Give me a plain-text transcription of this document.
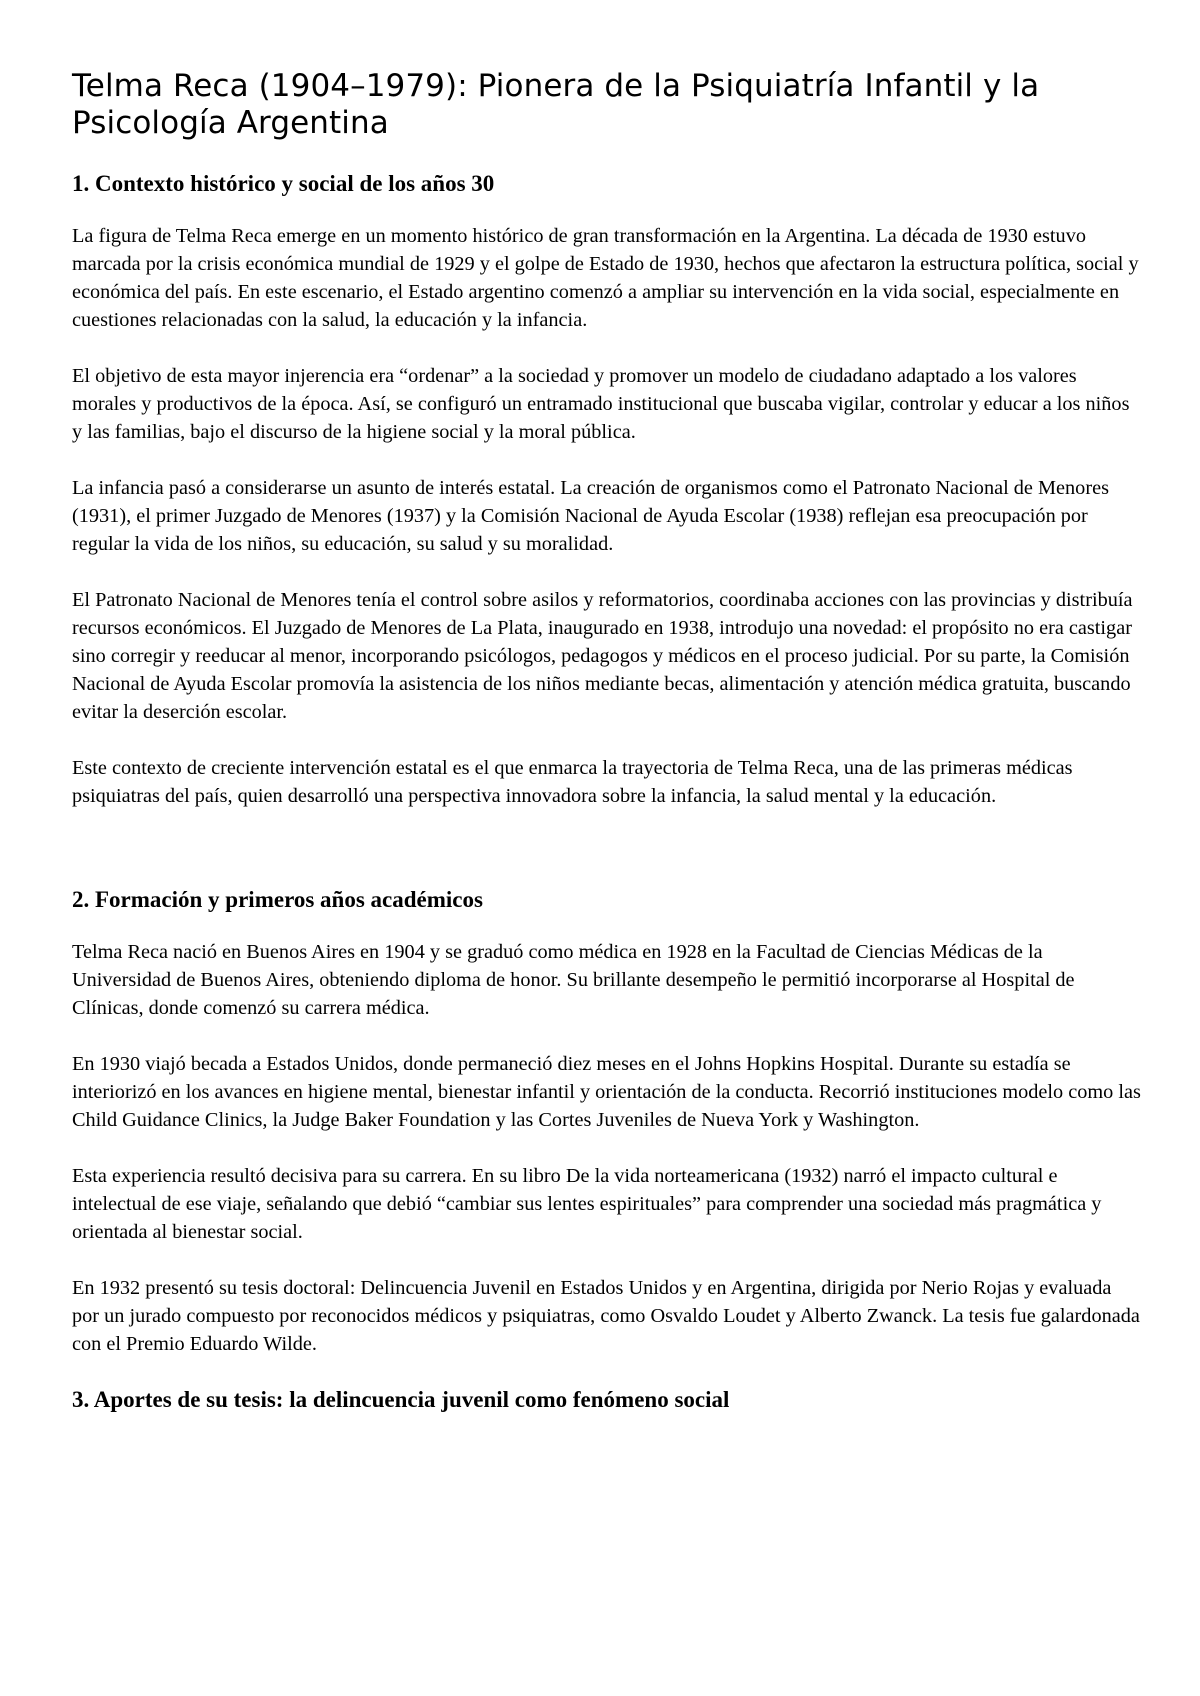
Telma Reca (1904–1979): Pionera de la Psiquiatría Infantil y la Psicología Argentina
1. Contexto histórico y social de los años 30

La figura de Telma Reca emerge en un momento histórico de gran transformación en la Argentina. La década de 1930 estuvo marcada por la crisis económica mundial de 1929 y el golpe de Estado de 1930, hechos que afectaron la estructura política, social y económica del país. En este escenario, el Estado argentino comenzó a ampliar su intervención en la vida social, especialmente en cuestiones relacionadas con la salud, la educación y la infancia.

El objetivo de esta mayor injerencia era “ordenar” a la sociedad y promover un modelo de ciudadano adaptado a los valores morales y productivos de la época. Así, se configuró un entramado institucional que buscaba vigilar, controlar y educar a los niños y las familias, bajo el discurso de la higiene social y la moral pública.

La infancia pasó a considerarse un asunto de interés estatal. La creación de organismos como el Patronato Nacional de Menores (1931), el primer Juzgado de Menores (1937) y la Comisión Nacional de Ayuda Escolar (1938) reflejan esa preocupación por regular la vida de los niños, su educación, su salud y su moralidad.

El Patronato Nacional de Menores tenía el control sobre asilos y reformatorios, coordinaba acciones con las provincias y distribuía recursos económicos. El Juzgado de Menores de La Plata, inaugurado en 1938, introdujo una novedad: el propósito no era castigar sino corregir y reeducar al menor, incorporando psicólogos, pedagogos y médicos en el proceso judicial. Por su parte, la Comisión Nacional de Ayuda Escolar promovía la asistencia de los niños mediante becas, alimentación y atención médica gratuita, buscando evitar la deserción escolar.

Este contexto de creciente intervención estatal es el que enmarca la trayectoria de Telma Reca, una de las primeras médicas psiquiatras del país, quien desarrolló una perspectiva innovadora sobre la infancia, la salud mental y la educación.

2. Formación y primeros años académicos

Telma Reca nació en Buenos Aires en 1904 y se graduó como médica en 1928 en la Facultad de Ciencias Médicas de la Universidad de Buenos Aires, obteniendo diploma de honor. Su brillante desempeño le permitió incorporarse al Hospital de Clínicas, donde comenzó su carrera médica.

En 1930 viajó becada a Estados Unidos, donde permaneció diez meses en el Johns Hopkins Hospital. Durante su estadía se interiorizó en los avances en higiene mental, bienestar infantil y orientación de la conducta. Recorrió instituciones modelo como las Child Guidance Clinics, la Judge Baker Foundation y las Cortes Juveniles de Nueva York y Washington.

Esta experiencia resultó decisiva para su carrera. En su libro De la vida norteamericana (1932) narró el impacto cultural e intelectual de ese viaje, señalando que debió “cambiar sus lentes espirituales” para comprender una sociedad más pragmática y orientada al bienestar social.

En 1932 presentó su tesis doctoral: Delincuencia Juvenil en Estados Unidos y en Argentina, dirigida por Nerio Rojas y evaluada por un jurado compuesto por reconocidos médicos y psiquiatras, como Osvaldo Loudet y Alberto Zwanck. La tesis fue galardonada con el Premio Eduardo Wilde.

3. Aportes de su tesis: la delincuencia juvenil como fenómeno social
